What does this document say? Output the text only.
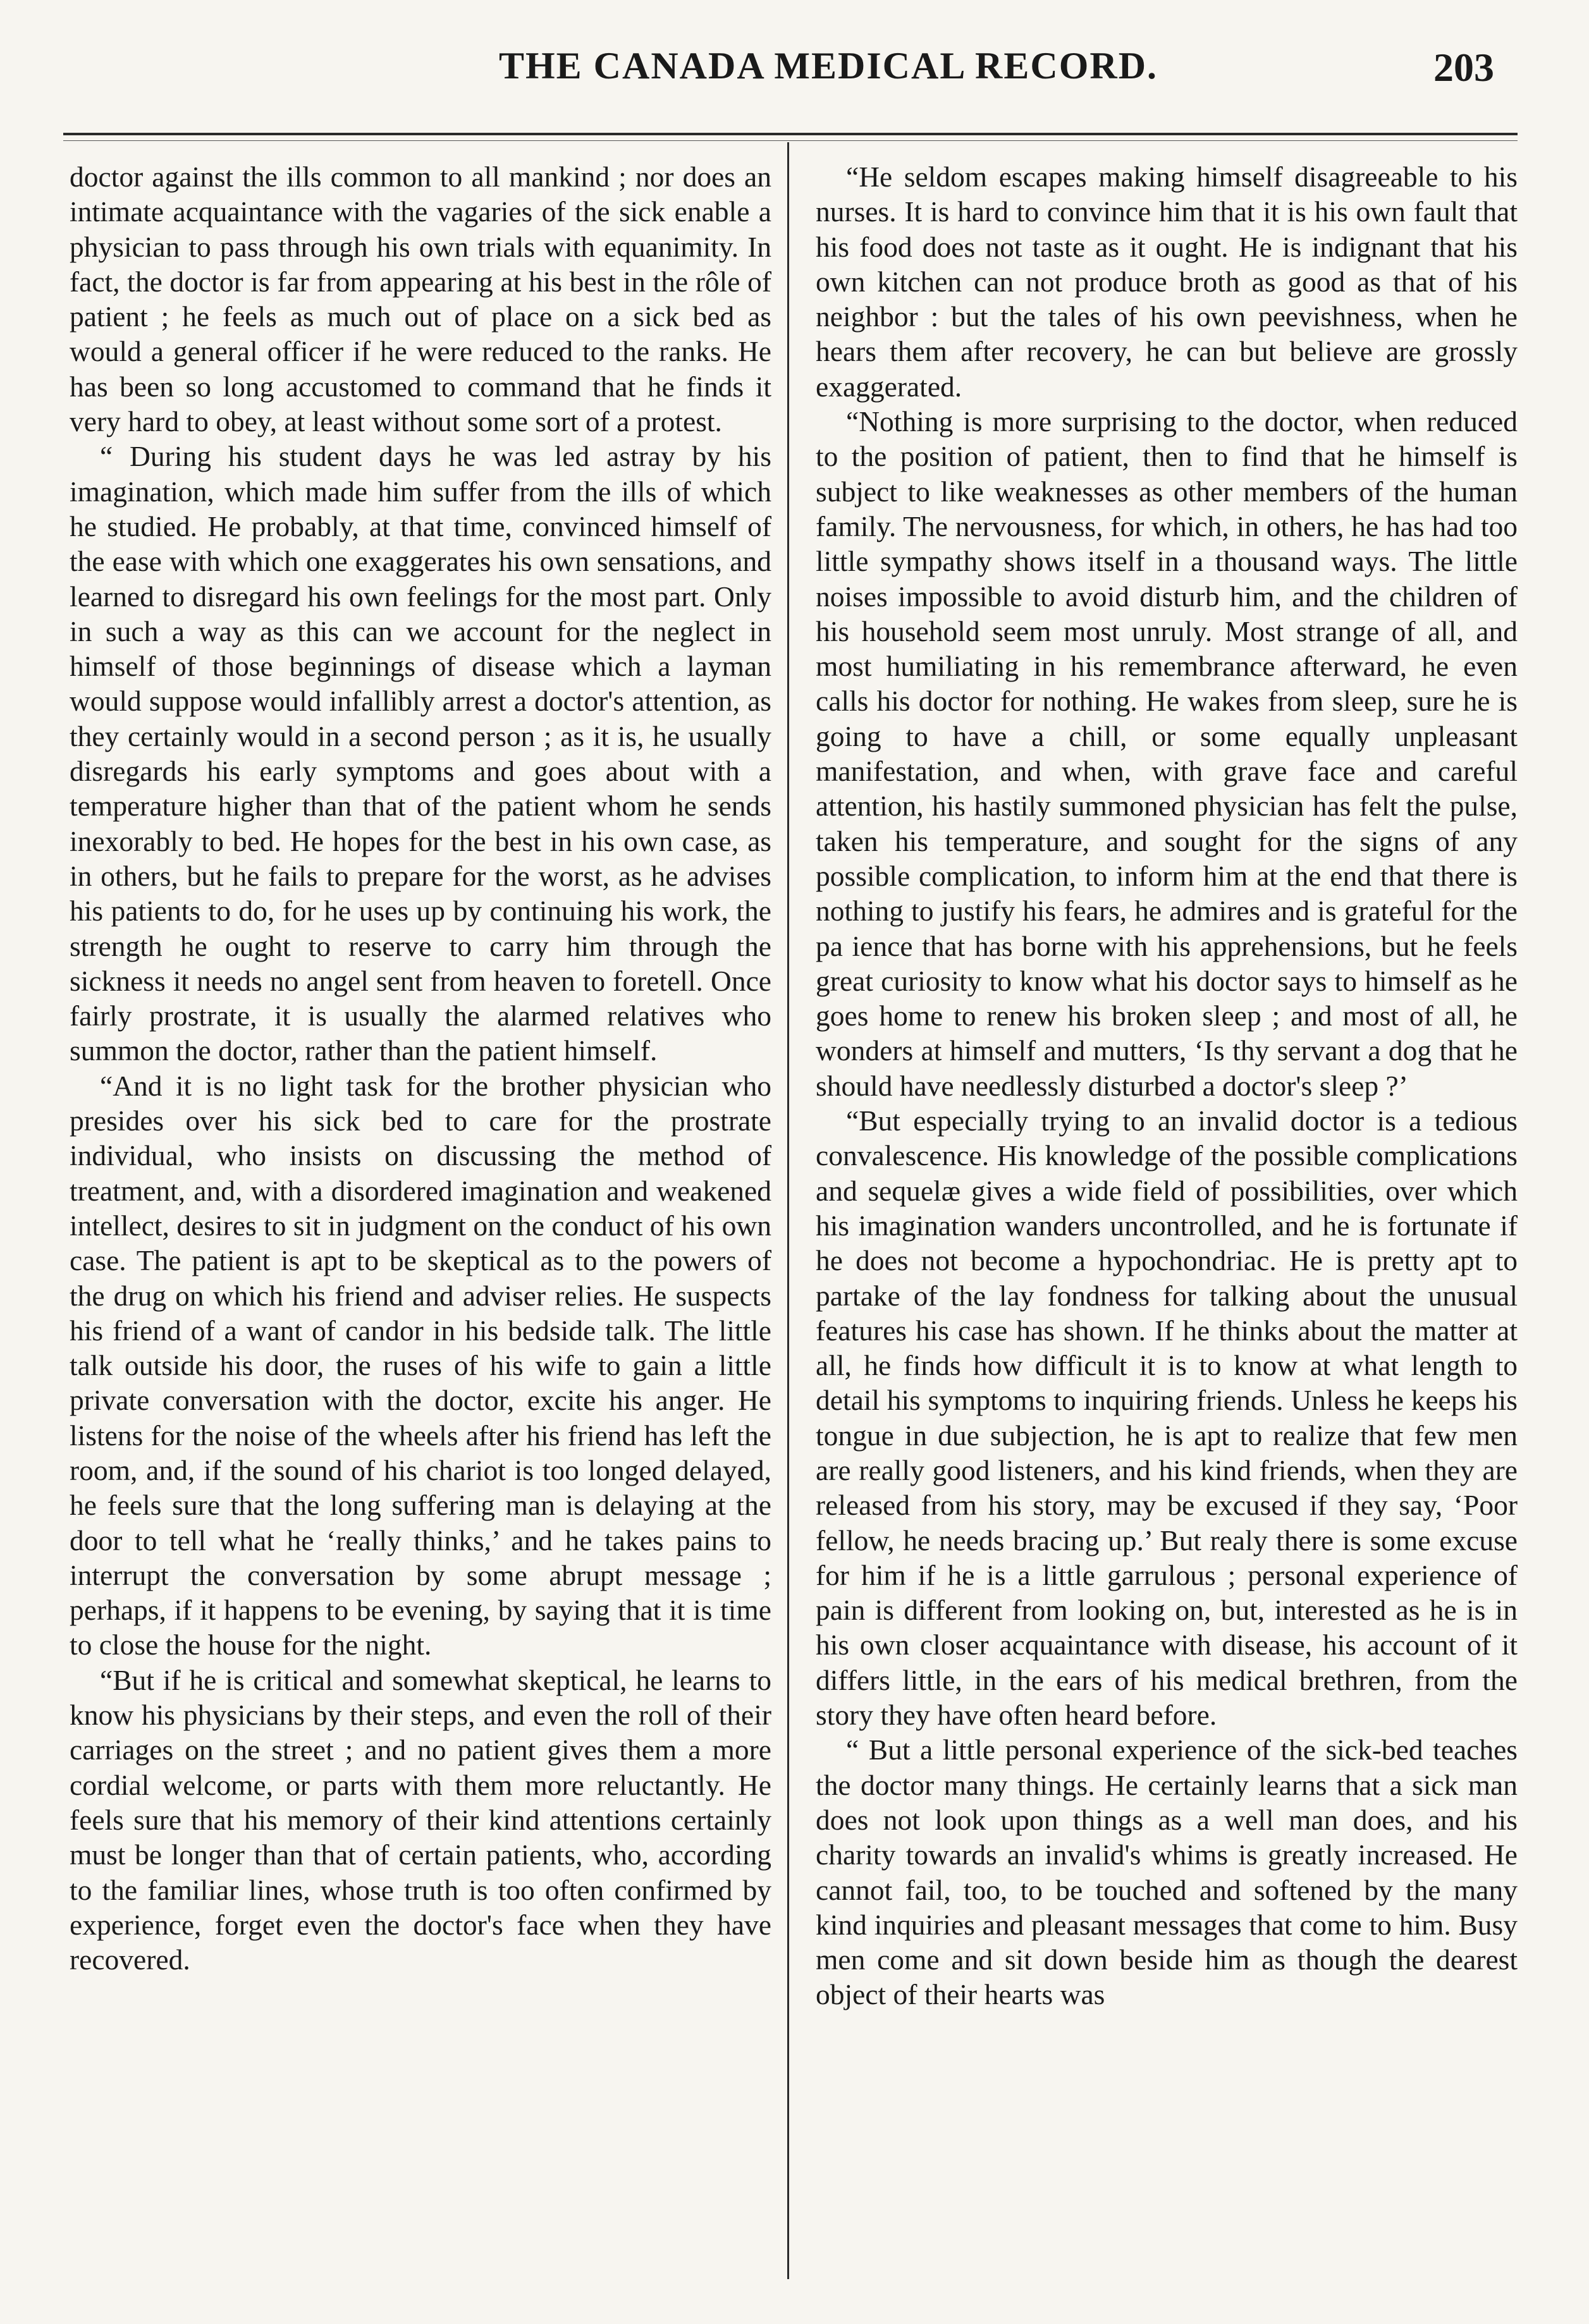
THE CANADA MEDICAL RECORD.	203

doctor against the ills common to all mankind ; nor does an intimate acquaintance with the vagaries of the sick enable a physician to pass through his own trials with equanimity. In fact, the doctor is far from appearing at his best in the rôle of patient ; he feels as much out of place on a sick bed as would a general officer if he were reduced to the ranks. He has been so long accustomed to command that he finds it very hard to obey, at least without some sort of a protest.

“ During his student days he was led astray by his imagination, which made him suffer from the ills of which he studied. He probably, at that time, convinced himself of the ease with which one exaggerates his own sensations, and learned to disregard his own feelings for the most part. Only in such a way as this can we account for the neglect in himself of those beginnings of disease which a layman would suppose would infallibly arrest a doctor's attention, as they certainly would in a second person ; as it is, he usually disregards his early symptoms and goes about with a temperature higher than that of the patient whom he sends inexorably to bed. He hopes for the best in his own case, as in others, but he fails to prepare for the worst, as he advises his patients to do, for he uses up by continuing his work, the strength he ought to reserve to carry him through the sickness it needs no angel sent from heaven to foretell. Once fairly prostrate, it is usually the alarmed relatives who summon the doctor, rather than the patient himself.

“And it is no light task for the brother physician who presides over his sick bed to care for the prostrate individual, who insists on discussing the method of treatment, and, with a disordered imagination and weakened intellect, desires to sit in judgment on the conduct of his own case. The patient is apt to be skeptical as to the powers of the drug on which his friend and adviser relies. He suspects his friend of a want of candor in his bedside talk. The little talk outside his door, the ruses of his wife to gain a little private conversation with the doctor, excite his anger. He listens for the noise of the wheels after his friend has left the room, and, if the sound of his chariot is too longed delayed, he feels sure that the long suffering man is delaying at the door to tell what he ‘really thinks,’ and he takes pains to interrupt the conversation by some abrupt message ; perhaps, if it happens to be evening, by saying that it is time to close the house for the night.

“But if he is critical and somewhat skeptical, he learns to know his physicians by their steps, and even the roll of their carriages on the street ; and no patient gives them a more cordial welcome, or parts with them more reluctantly. He feels sure that his memory of their kind attentions certainly must be longer than that of certain patients, who, according to the familiar lines, whose truth is too often confirmed by experience, forget even the doctor's face when they have recovered.

“He seldom escapes making himself disagreeable to his nurses. It is hard to convince him that it is his own fault that his food does not taste as it ought. He is indignant that his own kitchen can not produce broth as good as that of his neighbor : but the tales of his own peevishness, when he hears them after recovery, he can but believe are grossly exaggerated.

“Nothing is more surprising to the doctor, when reduced to the position of patient, then to find that he himself is subject to like weaknesses as other members of the human family. The nervousness, for which, in others, he has had too little sympathy shows itself in a thousand ways. The little noises impossible to avoid disturb him, and the children of his household seem most unruly. Most strange of all, and most humiliating in his remembrance afterward, he even calls his doctor for nothing. He wakes from sleep, sure he is going to have a chill, or some equally unpleasant manifestation, and when, with grave face and careful attention, his hastily summoned physician has felt the pulse, taken his temperature, and sought for the signs of any possible complication, to inform him at the end that there is nothing to justify his fears, he admires and is grateful for the pa ience that has borne with his apprehensions, but he feels great curiosity to know what his doctor says to himself as he goes home to renew his broken sleep ; and most of all, he wonders at himself and mutters, ‘Is thy servant a dog that he should have needlessly disturbed a doctor's sleep ?’

“But especially trying to an invalid doctor is a tedious convalescence. His knowledge of the possible complications and sequelæ gives a wide field of possibilities, over which his imagination wanders uncontrolled, and he is fortunate if he does not become a hypochondriac. He is pretty apt to partake of the lay fondness for talking about the unusual features his case has shown. If he thinks about the matter at all, he finds how difficult it is to know at what length to detail his symptoms to inquiring friends. Unless he keeps his tongue in due subjection, he is apt to realize that few men are really good listeners, and his kind friends, when they are released from his story, may be excused if they say, ‘Poor fellow, he needs bracing up.’ But realy there is some excuse for him if he is a little garrulous ; personal experience of pain is different from looking on, but, interested as he is in his own closer acquaintance with disease, his account of it differs little, in the ears of his medical brethren, from the story they have often heard before.

“ But a little personal experience of the sick-bed teaches the doctor many things. He certainly learns that a sick man does not look upon things as a well man does, and his charity towards an invalid's whims is greatly increased. He cannot fail, too, to be touched and softened by the many kind inquiries and pleasant messages that come to him. Busy men come and sit down beside him as though the dearest object of their hearts was
